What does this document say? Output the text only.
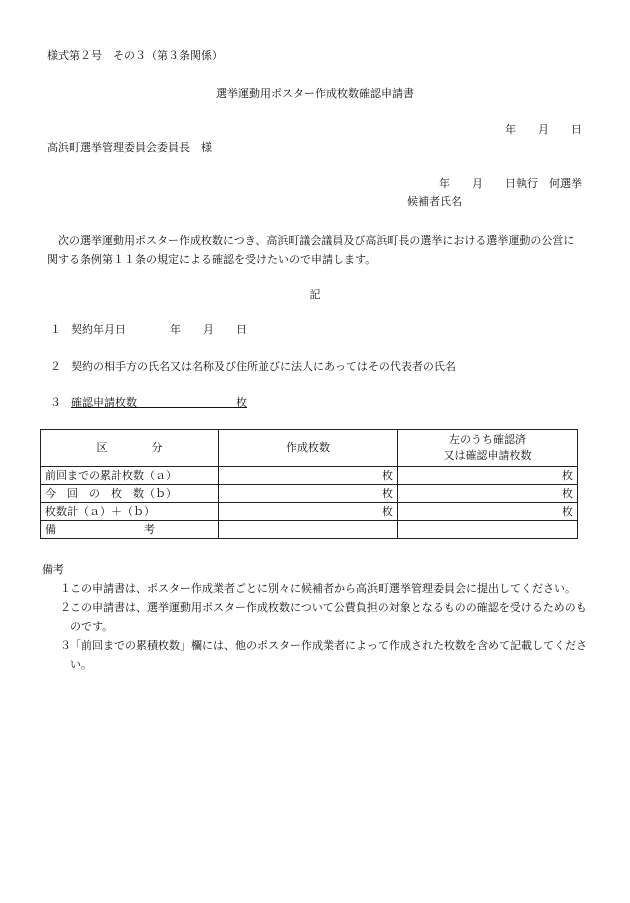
様式第２号　その３（第３条関係）
選挙運動用ポスター作成枚数確認申請書
年　　月　　日
高浜町選挙管理委員会委員長　様
年　　月　　日執行　何選挙
候補者氏名
　次の選挙運動用ポスター作成枚数につき、高浜町議会議員及び高浜町長の選挙における選挙運動の公営に関する条例第１１条の規定による確認を受けたいので申請します。
記
１ 契約年月日　　　　年　　月　　日
２ 契約の相手方の氏名又は名称及び住所並びに法人にあってはその代表者の氏名
３ 確認申請枚数　　　　　　　　　枚
区　　　　分	作成枚数	左のうち確認済
又は確認申請枚数

前回までの累計枚数（ａ）	枚	枚
今　回　の　枚　数（ｂ）	枚	枚
枚数計（ａ）＋（ｂ）	枚	枚
備　　　　　　　　考		
備考
１ この申請書は、ポスター作成業者ごとに別々に候補者から高浜町選挙管理委員会に提出してください。
２ この申請書は、選挙運動用ポスター作成枚数について公費負担の対象となるものの確認を受けるためのものです。
３ 「前回までの累積枚数」欄には、他のポスター作成業者によって作成された枚数を含めて記載してください。
